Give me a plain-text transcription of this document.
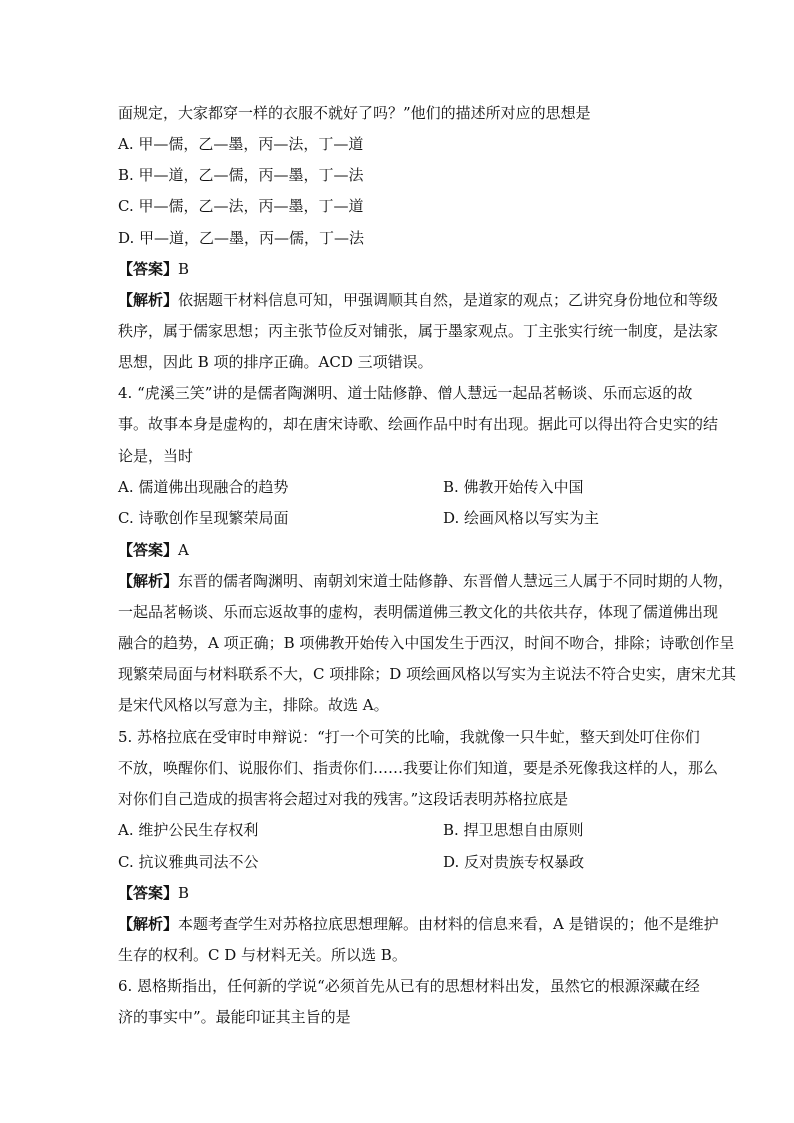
面规定，大家都穿一样的衣服不就好了吗？”他们的描述所对应的思想是
A. 甲—儒，乙—墨，丙—法，丁—道
B. 甲—道，乙—儒，丙—墨，丁—法
C. 甲—儒，乙—法，丙—墨，丁—道
D. 甲—道，乙—墨，丙—儒，丁—法
【答案】B
【解析】依据题干材料信息可知，甲强调顺其自然，是道家的观点；乙讲究身份地位和等级
秩序，属于儒家思想；丙主张节俭反对铺张，属于墨家观点。丁主张实行统一制度，是法家
思想，因此 B 项的排序正确。ACD 三项错误。
4. “虎溪三笑”讲的是儒者陶渊明、道士陆修静、僧人慧远一起品茗畅谈、乐而忘返的故
事。故事本身是虚构的，却在唐宋诗歌、绘画作品中时有出现。据此可以得出符合史实的结
论是，当时
A. 儒道佛出现融合的趋势	B. 佛教开始传入中国
C. 诗歌创作呈现繁荣局面	D. 绘画风格以写实为主
【答案】A
【解析】东晋的儒者陶渊明、南朝刘宋道士陆修静、东晋僧人慧远三人属于不同时期的人物，
一起品茗畅谈、乐而忘返故事的虚构，表明儒道佛三教文化的共依共存，体现了儒道佛出现
融合的趋势，A 项正确；B 项佛教开始传入中国发生于西汉，时间不吻合，排除；诗歌创作呈
现繁荣局面与材料联系不大，C 项排除；D 项绘画风格以写实为主说法不符合史实，唐宋尤其
是宋代风格以写意为主，排除。故选 A。
5. 苏格拉底在受审时申辩说：“打一个可笑的比喻，我就像一只牛虻，整天到处叮住你们
不放，唤醒你们、说服你们、指责你们……我要让你们知道，要是杀死像我这样的人，那么
对你们自己造成的损害将会超过对我的残害。”这段话表明苏格拉底是
A. 维护公民生存权利	B. 捍卫思想自由原则
C. 抗议雅典司法不公	D. 反对贵族专权暴政
【答案】B
【解析】本题考查学生对苏格拉底思想理解。由材料的信息来看，A 是错误的；他不是维护
生存的权利。C D 与材料无关。所以选 B。
6. 恩格斯指出，任何新的学说“必须首先从已有的思想材料出发，虽然它的根源深藏在经
济的事实中”。最能印证其主旨的是
